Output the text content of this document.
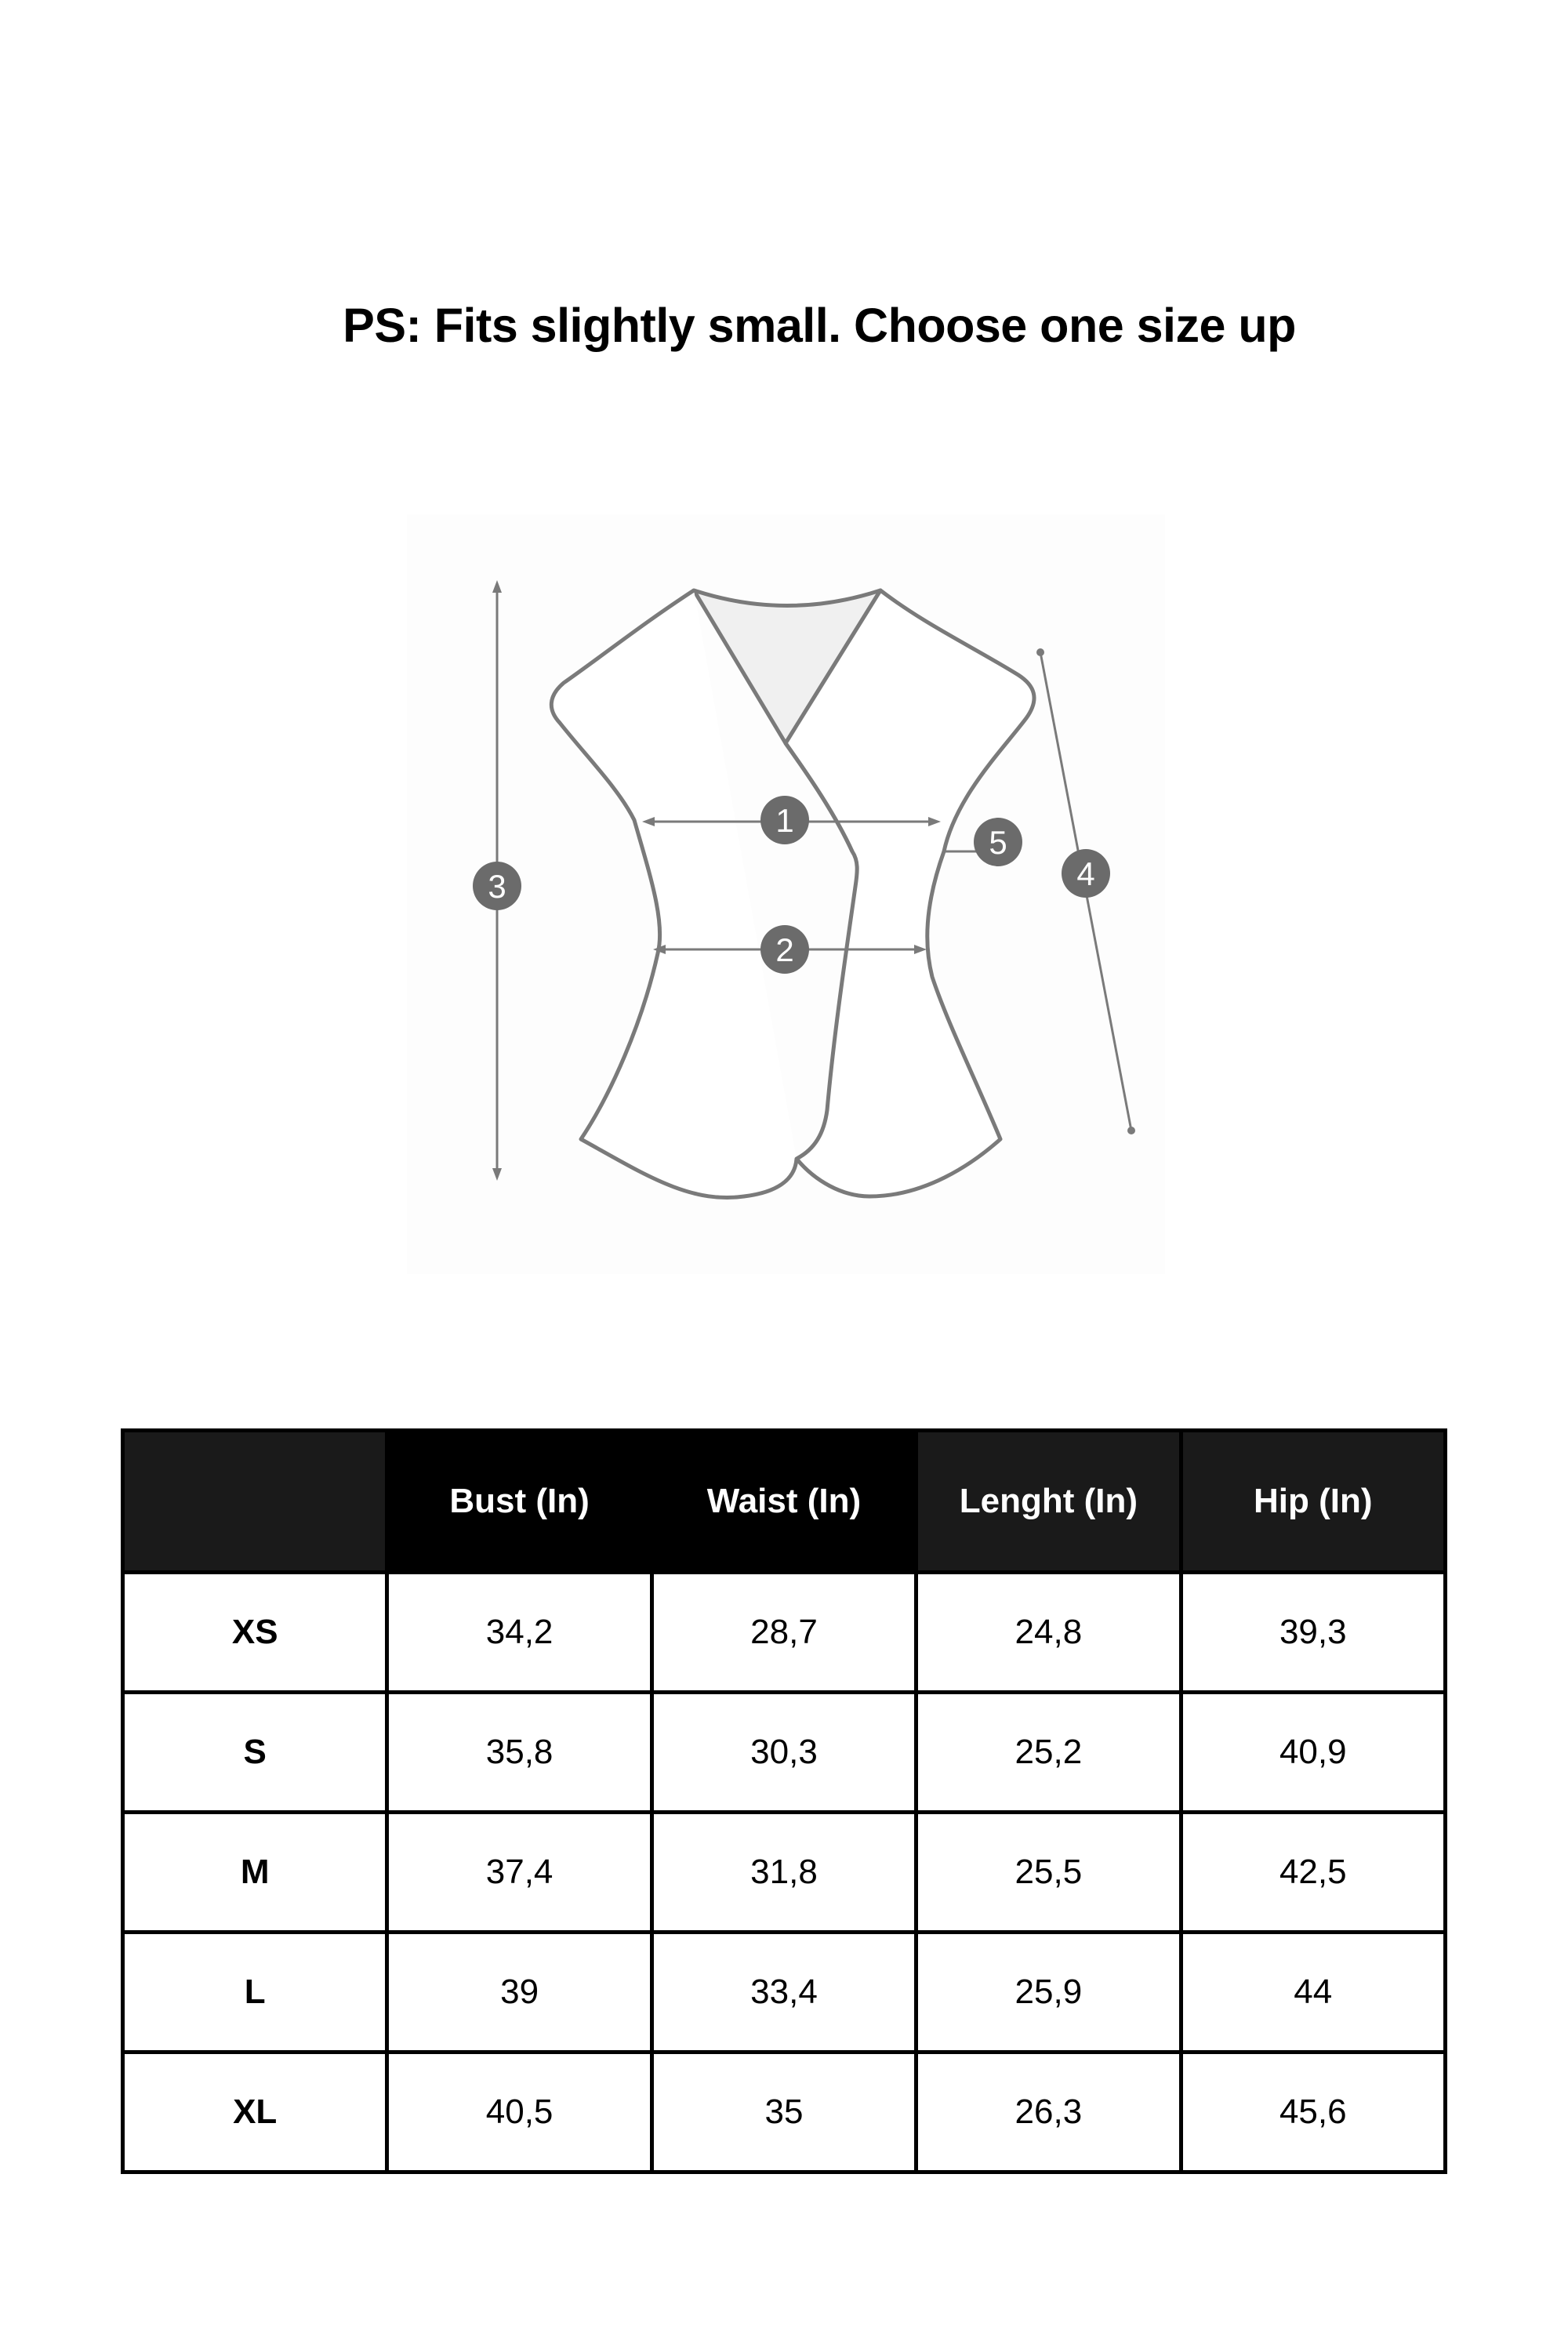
PS: Fits slightly small. Choose one size up
1
2
3	4
5
	Bust (In)	Waist (In)	Lenght (In)	Hip (In)
XS	34,2	28,7	24,8	39,3
S	35,8	30,3	25,2	40,9
M	37,4	31,8	25,5	42,5
L	39	33,4	25,9	44
XL	40,5	35	26,3	45,6
